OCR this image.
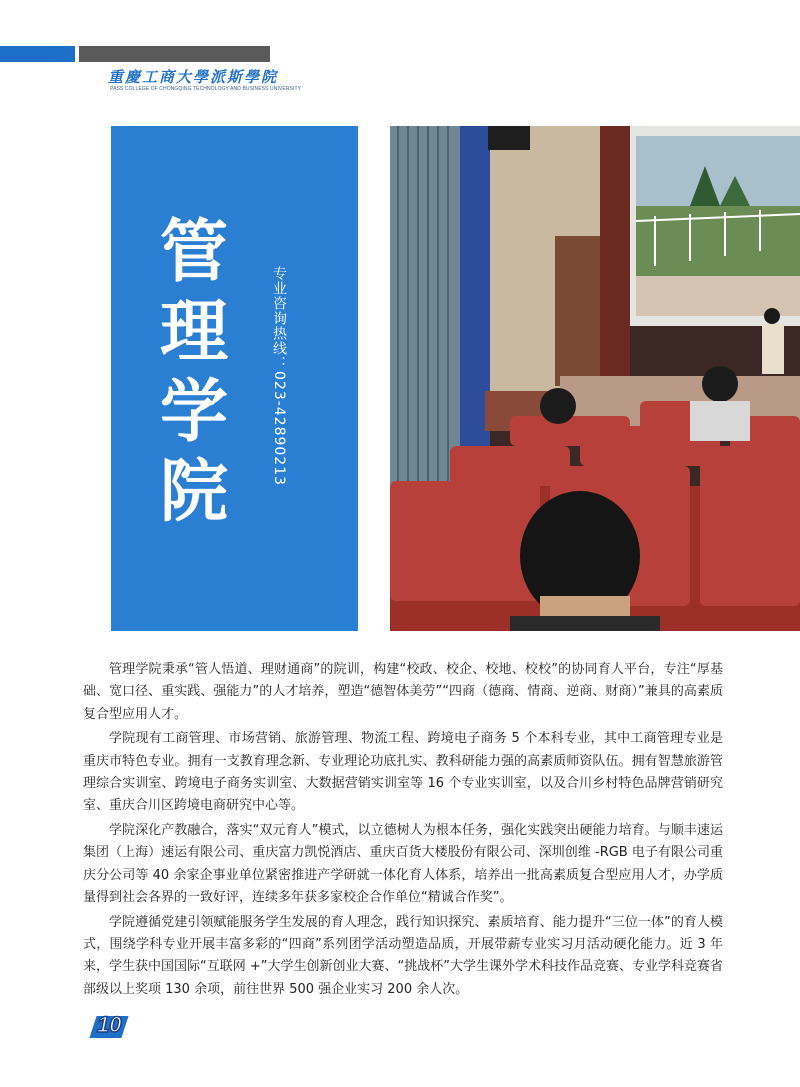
重慶工商大學派斯學院
PASS COLLEGE OF CHONGQING TECHNOLOGY AND BUSINESS UNIVERSITY
管
理
学
院
专业咨询热线：023-42890213

管理学院秉承“管人悟道、理财通商”的院训，构建“校政、校企、校地、校校”的协同育人平台，专注“厚基础、宽口径、重实践、强能力”的人才培养，塑造“德智体美劳”“四商（德商、情商、逆商、财商）”兼具的高素质复合型应用人才。

学院现有工商管理、市场营销、旅游管理、物流工程、跨境电子商务 5 个本科专业，其中工商管理专业是重庆市特色专业。拥有一支教育理念新、专业理论功底扎实、教科研能力强的高素质师资队伍。拥有智慧旅游管理综合实训室、跨境电子商务实训室、大数据营销实训室等 16 个专业实训室，以及合川乡村特色品牌营销研究室、重庆合川区跨境电商研究中心等。

学院深化产教融合，落实“双元育人”模式，以立德树人为根本任务，强化实践突出硬能力培育。与顺丰速运集团（上海）速运有限公司、重庆富力凯悦酒店、重庆百货大楼股份有限公司、深圳创维 -RGB 电子有限公司重庆分公司等 40 余家企事业单位紧密推进产学研就一体化育人体系，培养出一批高素质复合型应用人才，办学质量得到社会各界的一致好评，连续多年获多家校企合作单位“精诚合作奖”。

学院遵循党建引领赋能服务学生发展的育人理念，践行知识探究、素质培育、能力提升“三位一体”的育人模式，围绕学科专业开展丰富多彩的“四商”系列团学活动塑造品质，开展带薪专业实习月活动硬化能力。近 3 年来，学生获中国国际“互联网 +”大学生创新创业大赛、“挑战杯”大学生课外学术科技作品竞赛、专业学科竞赛省部级以上奖项 130 余项，前往世界 500 强企业实习 200 余人次。

10
